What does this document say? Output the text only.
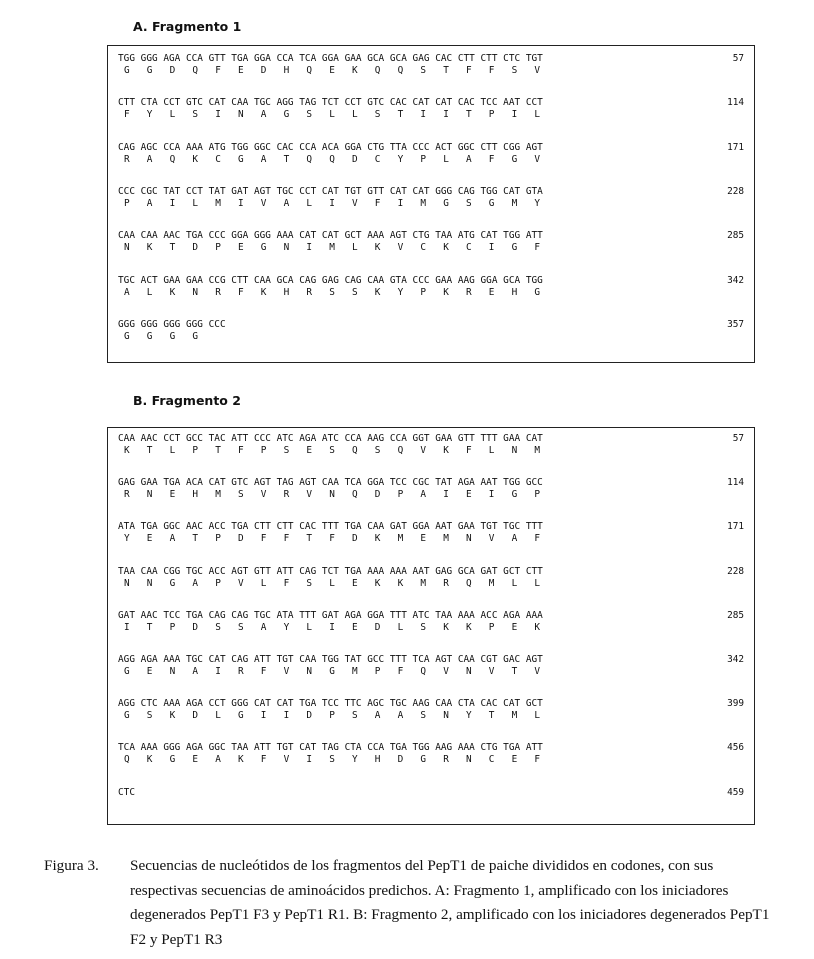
A. Fragmento 1
TGG GGG AGA CCA GTT TGA GGA CCA TCA GGA GAA GCA GCA GAG CAC CTT CTT CTC TGT
G	G	D	Q	F	E	D	H	Q	E	K	Q	Q	S	T	F	F	S	V
57
CTT CTA CCT GTC CAT CAA TGC AGG TAG TCT CCT GTC CAC CAT CAT CAC TCC AAT CCT
F	Y	L	S	I	N	A	G	S	L	L	S	T	I	I	T	P	I	L
114
CAG AGC CCA AAA ATG TGG GGC CAC CCA ACA GGA CTG TTA CCC ACT GGC CTT CGG AGT
R	A	Q	K	C	G	A	T	Q	Q	D	C	Y	P	L	A	F	G	V
171
CCC CGC TAT CCT TAT GAT AGT TGC CCT CAT TGT GTT CAT CAT GGG CAG TGG CAT GTA
P	A	I	L	M	I	V	A	L	I	V	F	I	M	G	S	G	M	Y
228
CAA CAA AAC TGA CCC GGA GGG AAA CAT CAT GCT AAA AGT CTG TAA ATG CAT TGG ATT
N	K	T	D	P	E	G	N	I	M	L	K	V	C	K	C	I	G	F
285
TGC ACT GAA GAA CCG CTT CAA GCA CAG GAG CAG CAA GTA CCC GAA AAG GGA GCA TGG
A	L	K	N	R	F	K	H	R	S	S	K	Y	P	K	R	E	H	G
342
GGG GGG GGG GGG CCC
G	G	G	G
357
B. Fragmento 2
CAA AAC CCT GCC TAC ATT CCC ATC AGA ATC CCA AAG CCA GGT GAA GTT TTT GAA CAT
K	T	L	P	T	F	P	S	E	S	Q	S	Q	V	K	F	L	N	M
57
GAG GAA TGA ACA CAT GTC AGT TAG AGT CAA TCA GGA TCC CGC TAT AGA AAT TGG GCC
R	N	E	H	M	S	V	R	V	N	Q	D	P	A	I	E	I	G	P
114
ATA TGA GGC AAC ACC TGA CTT CTT CAC TTT TGA CAA GAT GGA AAT GAA TGT TGC TTT
Y	E	A	T	P	D	F	F	T	F	D	K	M	E	M	N	V	A	F
171
TAA CAA CGG TGC ACC AGT GTT ATT CAG TCT TGA AAA AAA AAT GAG GCA GAT GCT CTT
N	N	G	A	P	V	L	F	S	L	E	K	K	M	R	Q	M	L	L
228
GAT AAC TCC TGA CAG CAG TGC ATA TTT GAT AGA GGA TTT ATC TAA AAA ACC AGA AAA
I	T	P	D	S	S	A	Y	L	I	E	D	L	S	K	K	P	E	K
285
AGG AGA AAA TGC CAT CAG ATT TGT CAA TGG TAT GCC TTT TCA AGT CAA CGT GAC AGT
G	E	N	A	I	R	F	V	N	G	M	P	F	Q	V	N	V	T	V
342
AGG CTC AAA AGA CCT GGG CAT CAT TGA TCC TTC AGC TGC AAG CAA CTA CAC CAT GCT
G	S	K	D	L	G	I	I	D	P	S	A	A	S	N	Y	T	M	L
399
TCA AAA GGG AGA GGC TAA ATT TGT CAT TAG CTA CCA TGA TGG AAG AAA CTG TGA ATT
Q	K	G	E	A	K	F	V	I	S	Y	H	D	G	R	N	C	E	F
456
CTC	459
Figura 3. Secuencias de nucleótidos de los fragmentos del PepT1 de paiche divididos en codones, con sus respectivas secuencias de aminoácidos predichos. A: Fragmento 1, amplificado con los iniciadores degenerados PepT1 F3 y PepT1 R1. B: Fragmento 2, amplificado con los iniciadores degenerados PepT1 F2 y PepT1 R3
